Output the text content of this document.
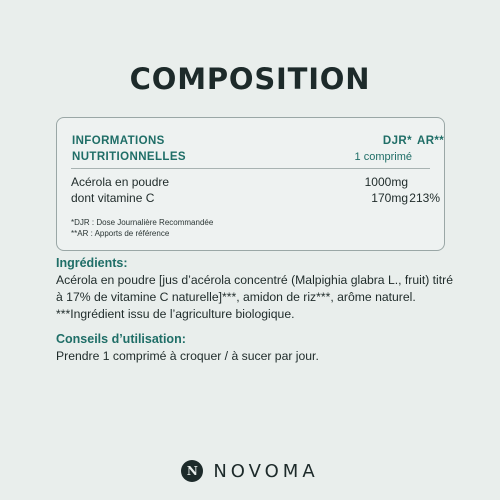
COMPOSITION
INFORMATIONS
NUTRITIONNELLES
DJR*
1 comprimé
AR**
Acérola en poudre	1000mg
dont vitamine C	170mg 213%
*DJR : Dose Journalière Recommandée
**AR : Apports de référence
Ingrédients:
Acérola en poudre [jus d’acérola concentré (Malpighia glabra L., fruit) titré à 17% de vitamine C naturelle]***, amidon de riz***, arôme naturel. ***Ingrédient issu de l’agriculture biologique.
Conseils d’utilisation:
Prendre 1 comprimé à croquer / à sucer par jour.
N NOVOMA
